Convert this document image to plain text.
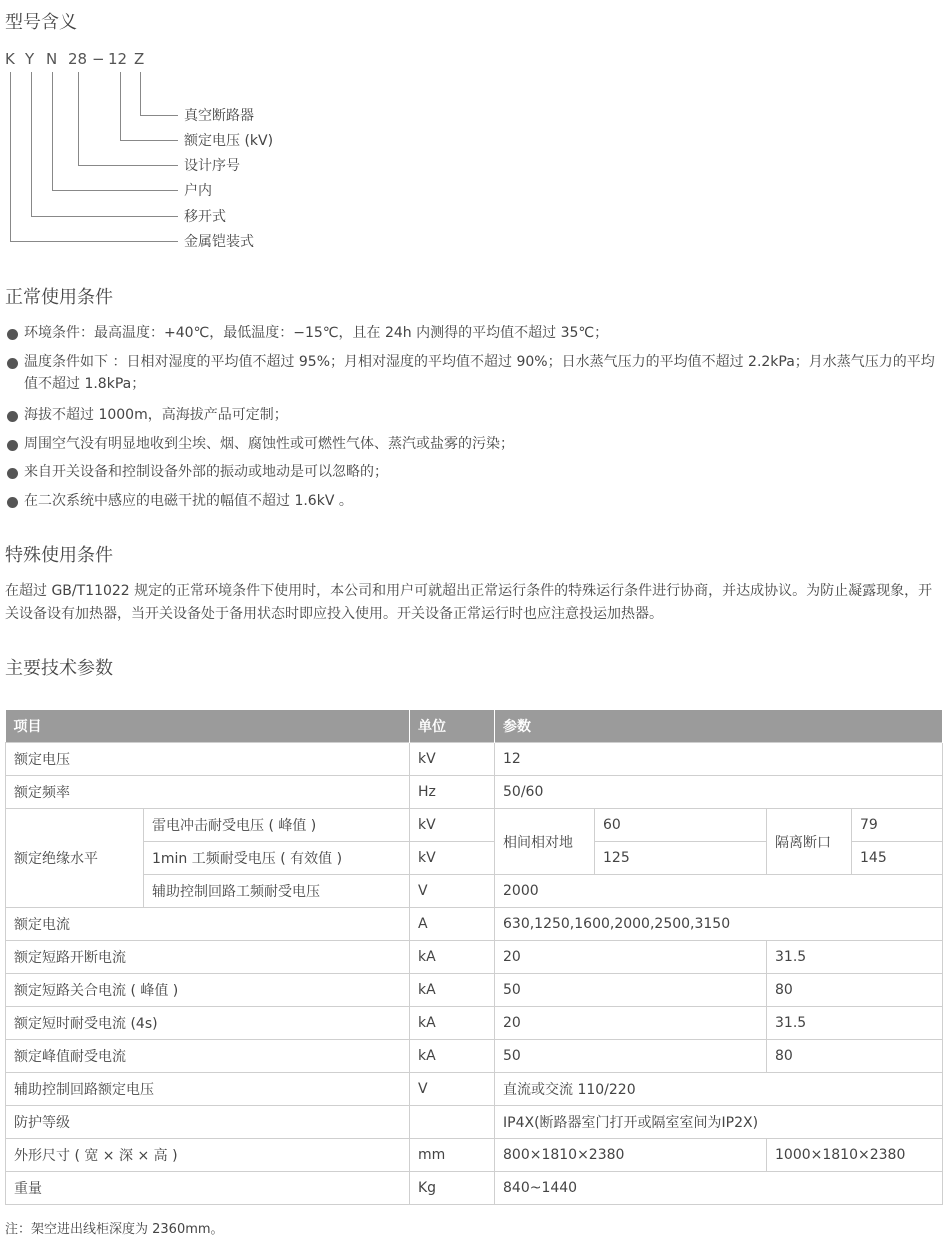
型号含义
K Y N 28 − 12 Z
真空断路器
额定电压 (kV)
设计序号
户内
移开式
金属铠装式
正常使用条件
环境条件：最高温度：+40℃，最低温度：−15℃，且在 24h 内测得的平均值不超过 35℃；
温度条件如下 ：日相对湿度的平均值不超过 95%；月相对湿度的平均值不超过 90%；日水蒸气压力的平均值不超过 2.2kPa；月水蒸气压力的平均值不超过 1.8kPa；
海拔不超过 1000m，高海拔产品可定制；
周围空气没有明显地收到尘埃、烟、腐蚀性或可燃性气体、蒸汽或盐雾的污染；
来自开关设备和控制设备外部的振动或地动是可以忽略的；
在二次系统中感应的电磁干扰的幅值不超过 1.6kV 。
特殊使用条件

在超过 GB/T11022 规定的正常环境条件下使用时，本公司和用户可就超出正常运行条件的特殊运行条件进行协商，并达成协议。为防止凝露现象，开关设备设有加热器，当开关设备处于备用状态时即应投入使用。开关设备正常运行时也应注意投运加热器。

主要技术参数
项目		单位	参数			
额定电压		kV	12			
额定频率		Hz	50/60			
额定绝缘水平	雷电冲击耐受电压 ( 峰值 )	kV	相间相对地	60	隔离断口	79
	1min 工频耐受电压 ( 有效值 )	kV		125		145
	辅助控制回路工频耐受电压	V	2000			
额定电流		A	630,1250,1600,2000,2500,3150			
额定短路开断电流		kA	20		31.5	
额定短路关合电流 ( 峰值 )		kA	50		80	
额定短时耐受电流 (4s)		kA	20		31.5	
额定峰值耐受电流		kA	50		80	
辅助控制回路额定电压		V	直流或交流 110/220			
防护等级			IP4X(断路器室门打开或隔室室间为IP2X)			
外形尺寸 ( 宽 × 深 × 高 )		mm	800×1810×2380		1000×1810×2380	
重量		Kg	840~1440			
注：架空进出线柜深度为 2360mm。
